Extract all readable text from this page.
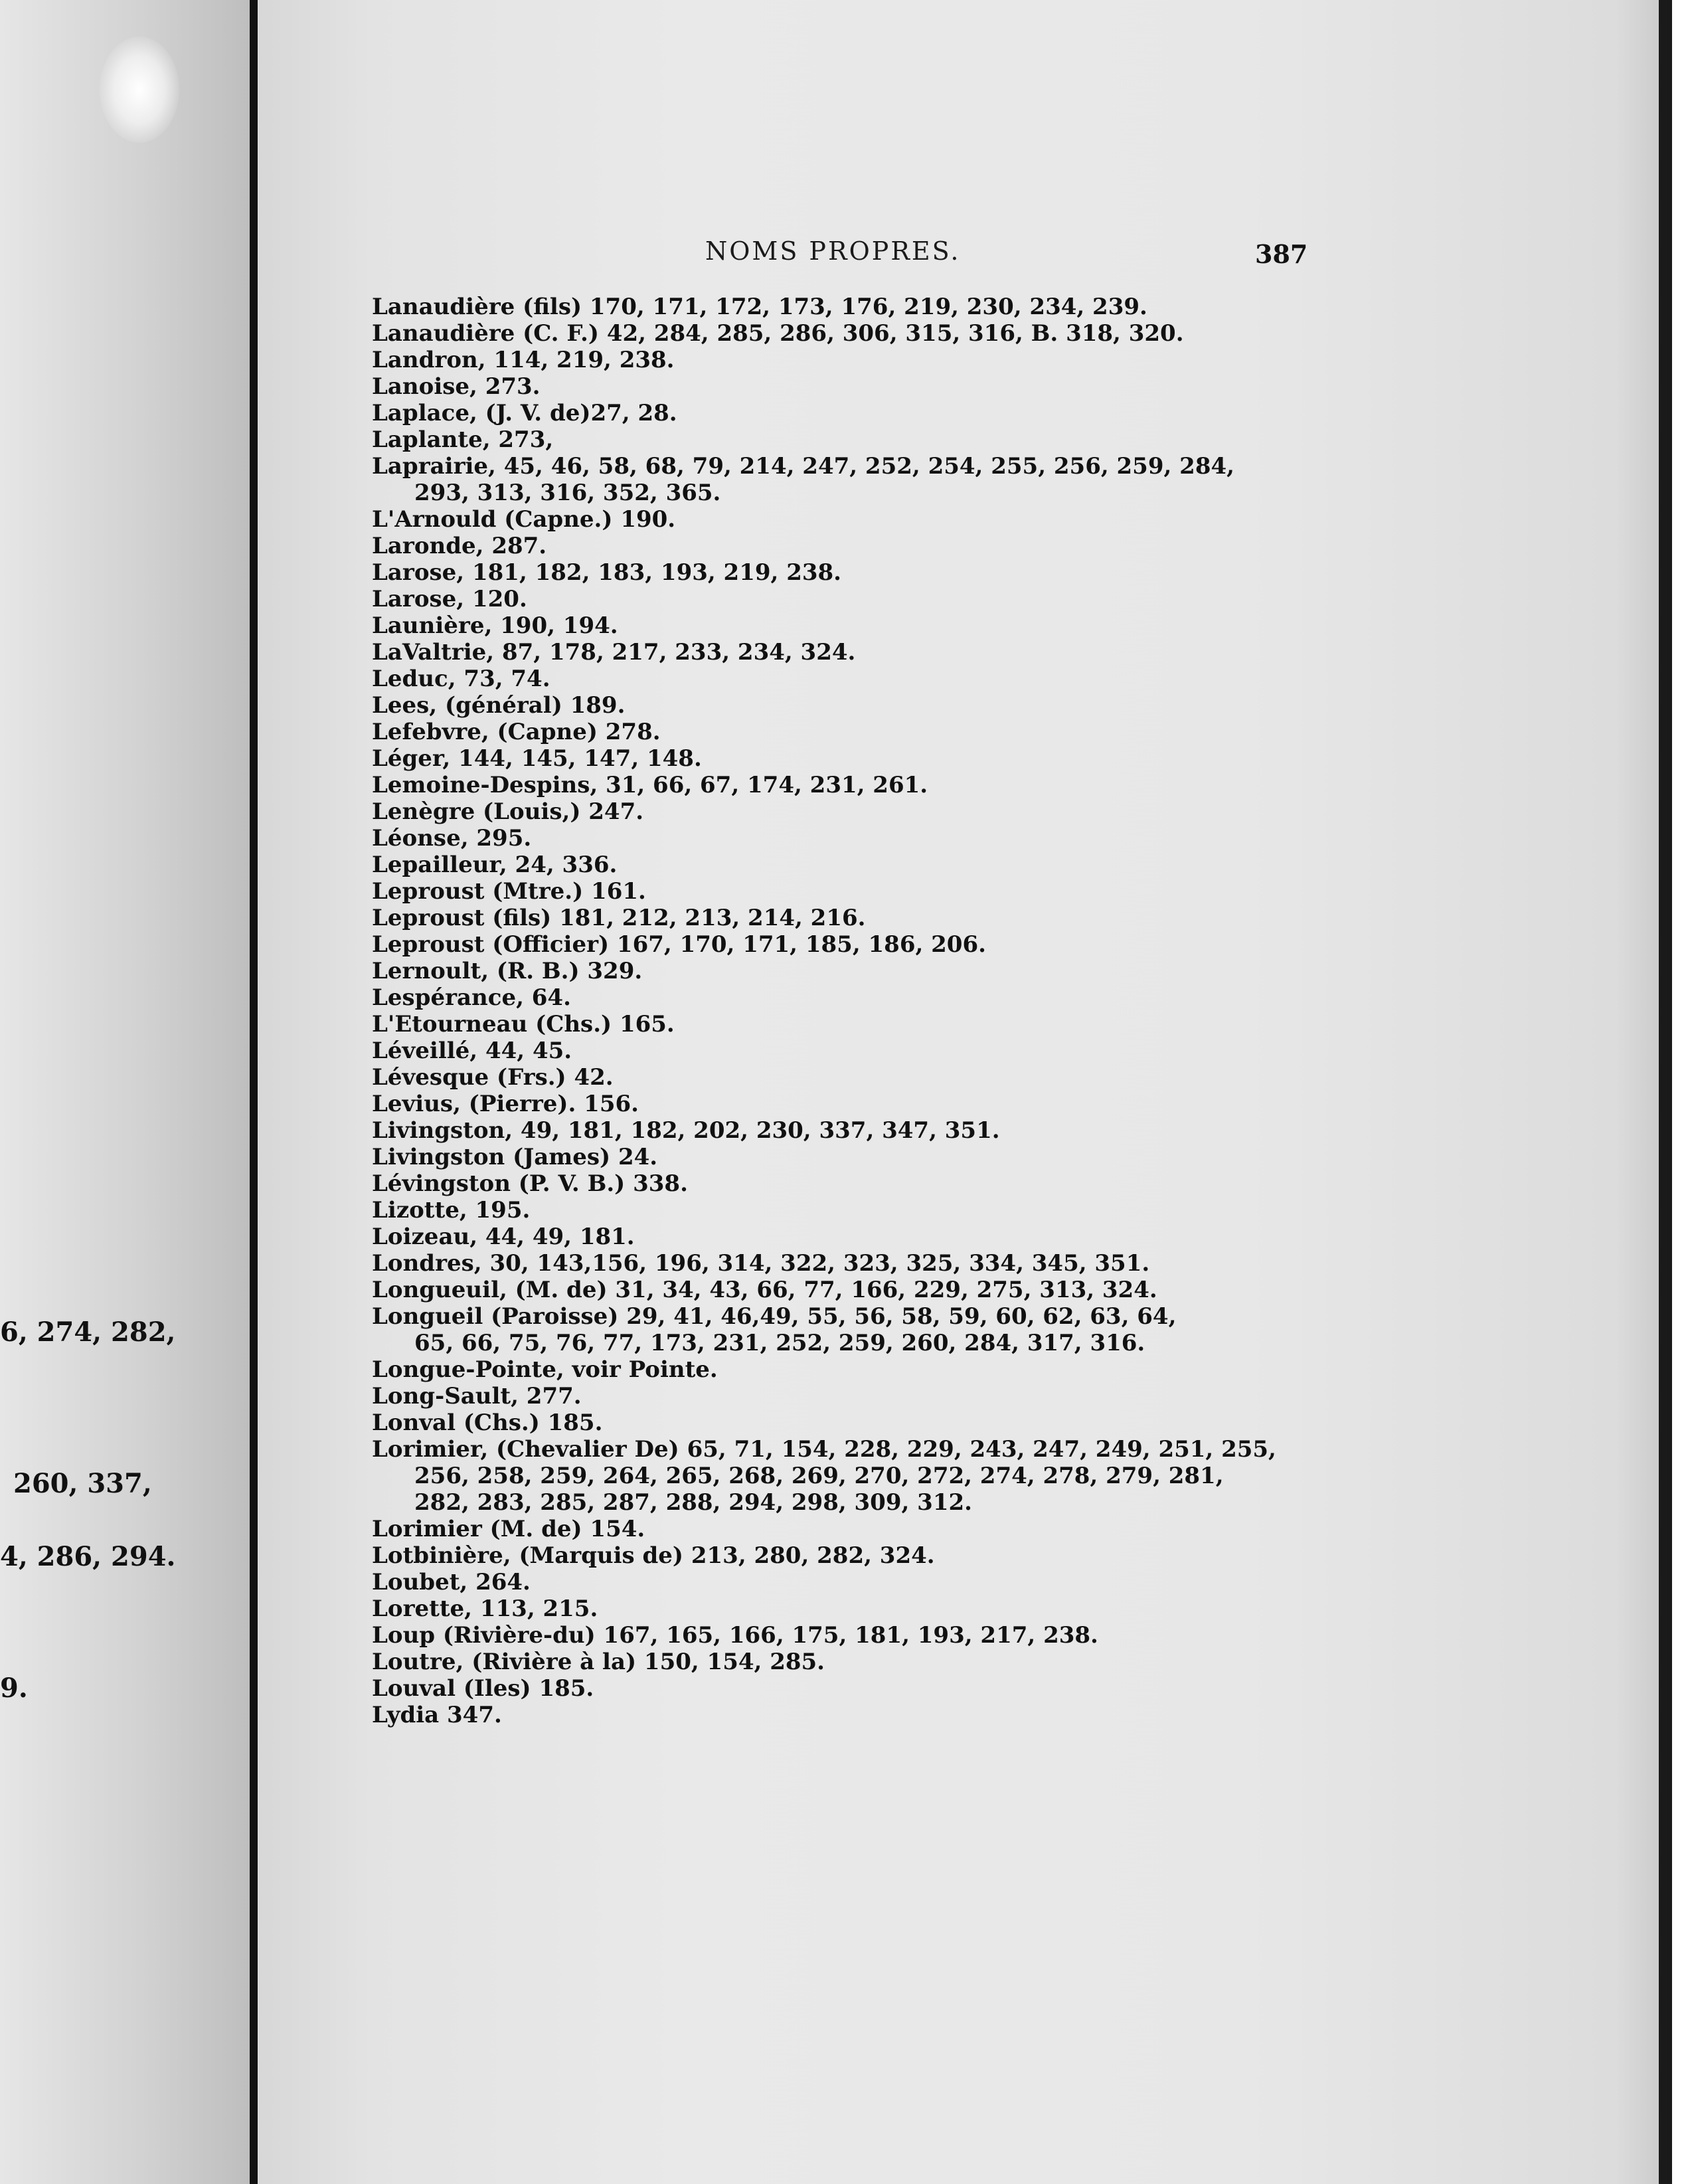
6, 274, 282,
260, 337,
4, 286, 294.
9.
NOMS PROPRES.	387
Lanaudière (fils) 170, 171, 172, 173, 176, 219, 230, 234, 239.
Lanaudière (C. F.) 42, 284, 285, 286, 306, 315, 316, B. 318, 320.
Landron, 114, 219, 238.
Lanoise, 273.
Laplace, (J. V. de)27, 28.
Laplante, 273,
Laprairie, 45, 46, 58, 68, 79, 214, 247, 252, 254, 255, 256, 259, 284,
293, 313, 316, 352, 365.
L'Arnould (Capne.) 190.
Laronde, 287.
Larose, 181, 182, 183, 193, 219, 238.
Larose, 120.
Launière, 190, 194.
LaValtrie, 87, 178, 217, 233, 234, 324.
Leduc, 73, 74.
Lees, (général) 189.
Lefebvre, (Capne) 278.
Léger, 144, 145, 147, 148.
Lemoine-Despins, 31, 66, 67, 174, 231, 261.
Lenègre (Louis,) 247.
Léonse, 295.
Lepailleur, 24, 336.
Leproust (Mtre.) 161.
Leproust (fils) 181, 212, 213, 214, 216.
Leproust (Officier) 167, 170, 171, 185, 186, 206.
Lernoult, (R. B.) 329.
Lespérance, 64.
L'Etourneau (Chs.) 165.
Léveillé, 44, 45.
Lévesque (Frs.) 42.
Levius, (Pierre). 156.
Livingston, 49, 181, 182, 202, 230, 337, 347, 351.
Livingston (James) 24.
Lévingston (P. V. B.) 338.
Lizotte, 195.
Loizeau, 44, 49, 181.
Londres, 30, 143,156, 196, 314, 322, 323, 325, 334, 345, 351.
Longueuil, (M. de) 31, 34, 43, 66, 77, 166, 229, 275, 313, 324.
Longueil (Paroisse) 29, 41, 46,49, 55, 56, 58, 59, 60, 62, 63, 64,
65, 66, 75, 76, 77, 173, 231, 252, 259, 260, 284, 317, 316.
Longue-Pointe, voir Pointe.
Long-Sault, 277.
Lonval (Chs.) 185.
Lorimier, (Chevalier De) 65, 71, 154, 228, 229, 243, 247, 249, 251, 255,
256, 258, 259, 264, 265, 268, 269, 270, 272, 274, 278, 279, 281,
282, 283, 285, 287, 288, 294, 298, 309, 312.
Lorimier (M. de) 154.
Lotbinière, (Marquis de) 213, 280, 282, 324.
Loubet, 264.
Lorette, 113, 215.
Loup (Rivière-du) 167, 165, 166, 175, 181, 193, 217, 238.
Loutre, (Rivière à la) 150, 154, 285.
Louval (Iles) 185.
Lydia 347.
